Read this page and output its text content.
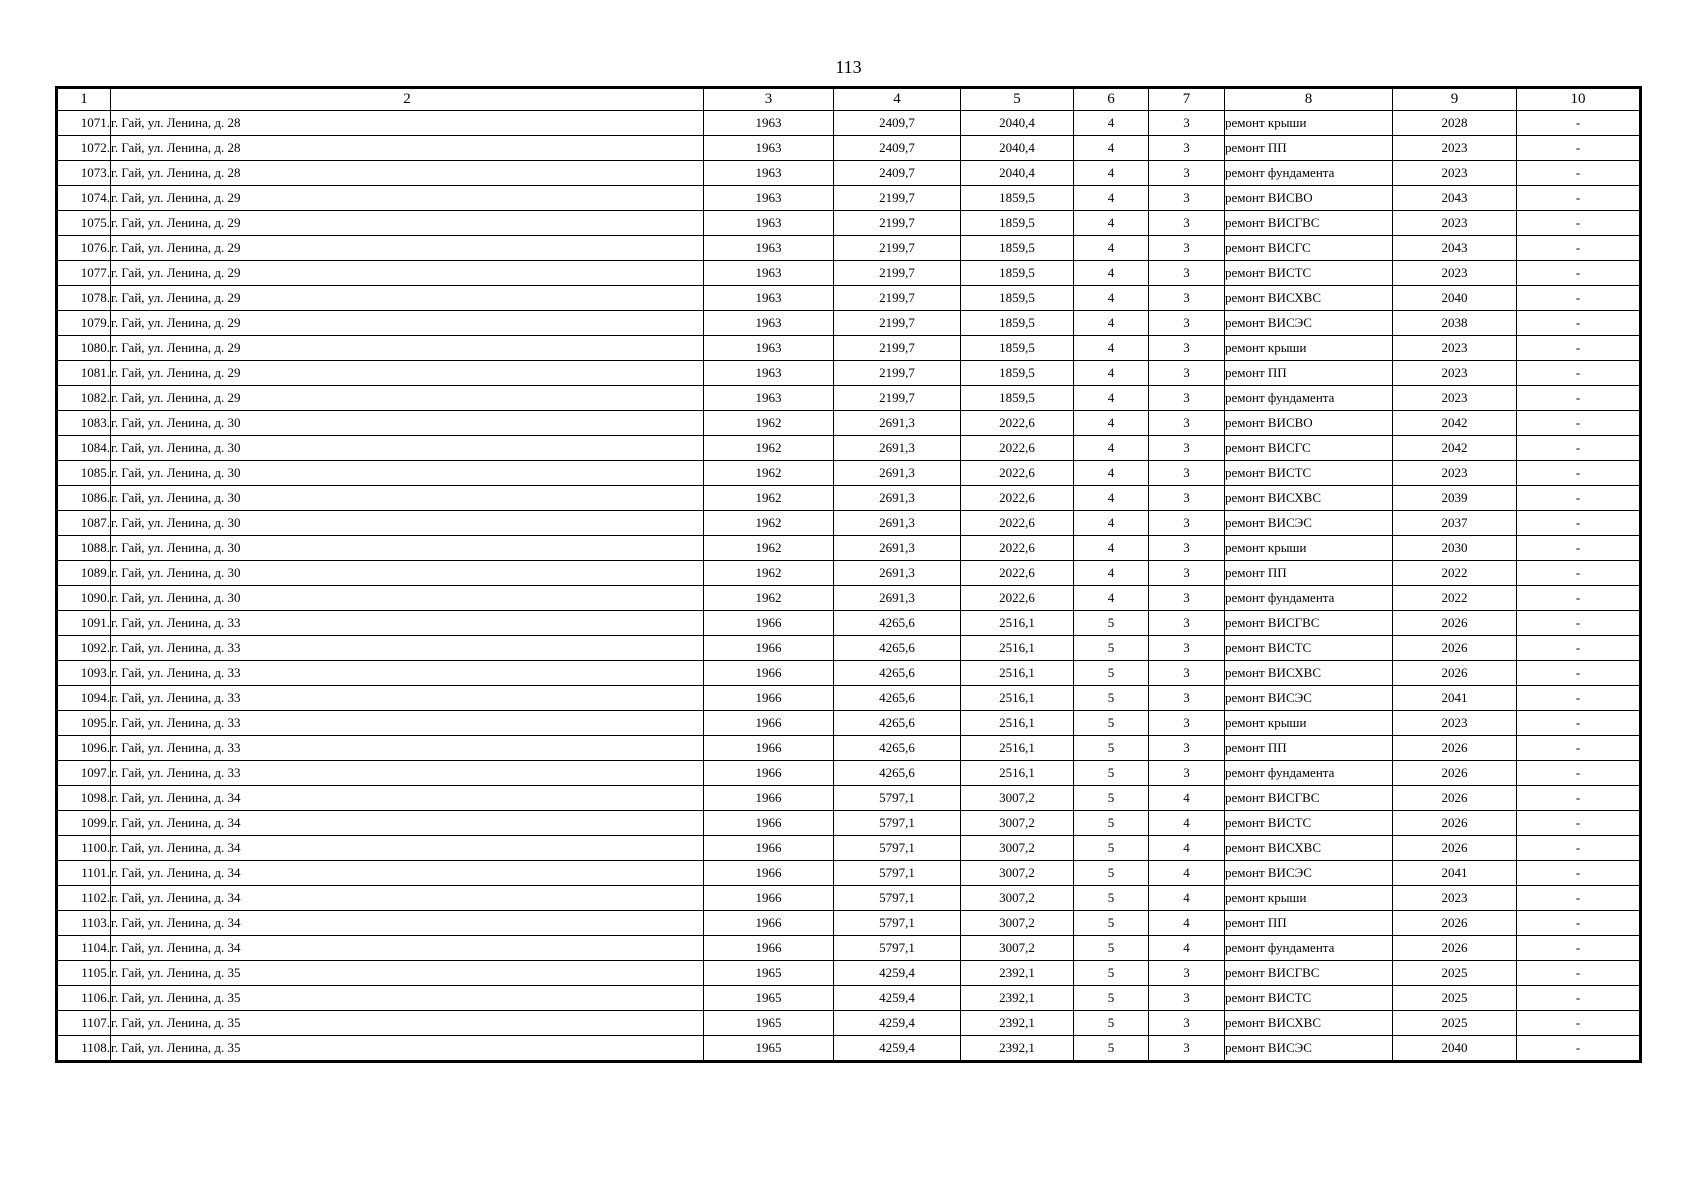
113
1	2	3	4	5	6	7	8	9	10
1071.	г. Гай, ул. Ленина, д. 28	1963	2409,7	2040,4	4	3	ремонт крыши	2028	-
1072.	г. Гай, ул. Ленина, д. 28	1963	2409,7	2040,4	4	3	ремонт ПП	2023	-
1073.	г. Гай, ул. Ленина, д. 28	1963	2409,7	2040,4	4	3	ремонт фундамента	2023	-
1074.	г. Гай, ул. Ленина, д. 29	1963	2199,7	1859,5	4	3	ремонт ВИСВО	2043	-
1075.	г. Гай, ул. Ленина, д. 29	1963	2199,7	1859,5	4	3	ремонт ВИСГВС	2023	-
1076.	г. Гай, ул. Ленина, д. 29	1963	2199,7	1859,5	4	3	ремонт ВИСГС	2043	-
1077.	г. Гай, ул. Ленина, д. 29	1963	2199,7	1859,5	4	3	ремонт ВИСТС	2023	-
1078.	г. Гай, ул. Ленина, д. 29	1963	2199,7	1859,5	4	3	ремонт ВИСХВС	2040	-
1079.	г. Гай, ул. Ленина, д. 29	1963	2199,7	1859,5	4	3	ремонт ВИСЭС	2038	-
1080.	г. Гай, ул. Ленина, д. 29	1963	2199,7	1859,5	4	3	ремонт крыши	2023	-
1081.	г. Гай, ул. Ленина, д. 29	1963	2199,7	1859,5	4	3	ремонт ПП	2023	-
1082.	г. Гай, ул. Ленина, д. 29	1963	2199,7	1859,5	4	3	ремонт фундамента	2023	-
1083.	г. Гай, ул. Ленина, д. 30	1962	2691,3	2022,6	4	3	ремонт ВИСВО	2042	-
1084.	г. Гай, ул. Ленина, д. 30	1962	2691,3	2022,6	4	3	ремонт ВИСГС	2042	-
1085.	г. Гай, ул. Ленина, д. 30	1962	2691,3	2022,6	4	3	ремонт ВИСТС	2023	-
1086.	г. Гай, ул. Ленина, д. 30	1962	2691,3	2022,6	4	3	ремонт ВИСХВС	2039	-
1087.	г. Гай, ул. Ленина, д. 30	1962	2691,3	2022,6	4	3	ремонт ВИСЭС	2037	-
1088.	г. Гай, ул. Ленина, д. 30	1962	2691,3	2022,6	4	3	ремонт крыши	2030	-
1089.	г. Гай, ул. Ленина, д. 30	1962	2691,3	2022,6	4	3	ремонт ПП	2022	-
1090.	г. Гай, ул. Ленина, д. 30	1962	2691,3	2022,6	4	3	ремонт фундамента	2022	-
1091.	г. Гай, ул. Ленина, д. 33	1966	4265,6	2516,1	5	3	ремонт ВИСГВС	2026	-
1092.	г. Гай, ул. Ленина, д. 33	1966	4265,6	2516,1	5	3	ремонт ВИСТС	2026	-
1093.	г. Гай, ул. Ленина, д. 33	1966	4265,6	2516,1	5	3	ремонт ВИСХВС	2026	-
1094.	г. Гай, ул. Ленина, д. 33	1966	4265,6	2516,1	5	3	ремонт ВИСЭС	2041	-
1095.	г. Гай, ул. Ленина, д. 33	1966	4265,6	2516,1	5	3	ремонт крыши	2023	-
1096.	г. Гай, ул. Ленина, д. 33	1966	4265,6	2516,1	5	3	ремонт ПП	2026	-
1097.	г. Гай, ул. Ленина, д. 33	1966	4265,6	2516,1	5	3	ремонт фундамента	2026	-
1098.	г. Гай, ул. Ленина, д. 34	1966	5797,1	3007,2	5	4	ремонт ВИСГВС	2026	-
1099.	г. Гай, ул. Ленина, д. 34	1966	5797,1	3007,2	5	4	ремонт ВИСТС	2026	-
1100.	г. Гай, ул. Ленина, д. 34	1966	5797,1	3007,2	5	4	ремонт ВИСХВС	2026	-
1101.	г. Гай, ул. Ленина, д. 34	1966	5797,1	3007,2	5	4	ремонт ВИСЭС	2041	-
1102.	г. Гай, ул. Ленина, д. 34	1966	5797,1	3007,2	5	4	ремонт крыши	2023	-
1103.	г. Гай, ул. Ленина, д. 34	1966	5797,1	3007,2	5	4	ремонт ПП	2026	-
1104.	г. Гай, ул. Ленина, д. 34	1966	5797,1	3007,2	5	4	ремонт фундамента	2026	-
1105.	г. Гай, ул. Ленина, д. 35	1965	4259,4	2392,1	5	3	ремонт ВИСГВС	2025	-
1106.	г. Гай, ул. Ленина, д. 35	1965	4259,4	2392,1	5	3	ремонт ВИСТС	2025	-
1107.	г. Гай, ул. Ленина, д. 35	1965	4259,4	2392,1	5	3	ремонт ВИСХВС	2025	-
1108.	г. Гай, ул. Ленина, д. 35	1965	4259,4	2392,1	5	3	ремонт ВИСЭС	2040	-
